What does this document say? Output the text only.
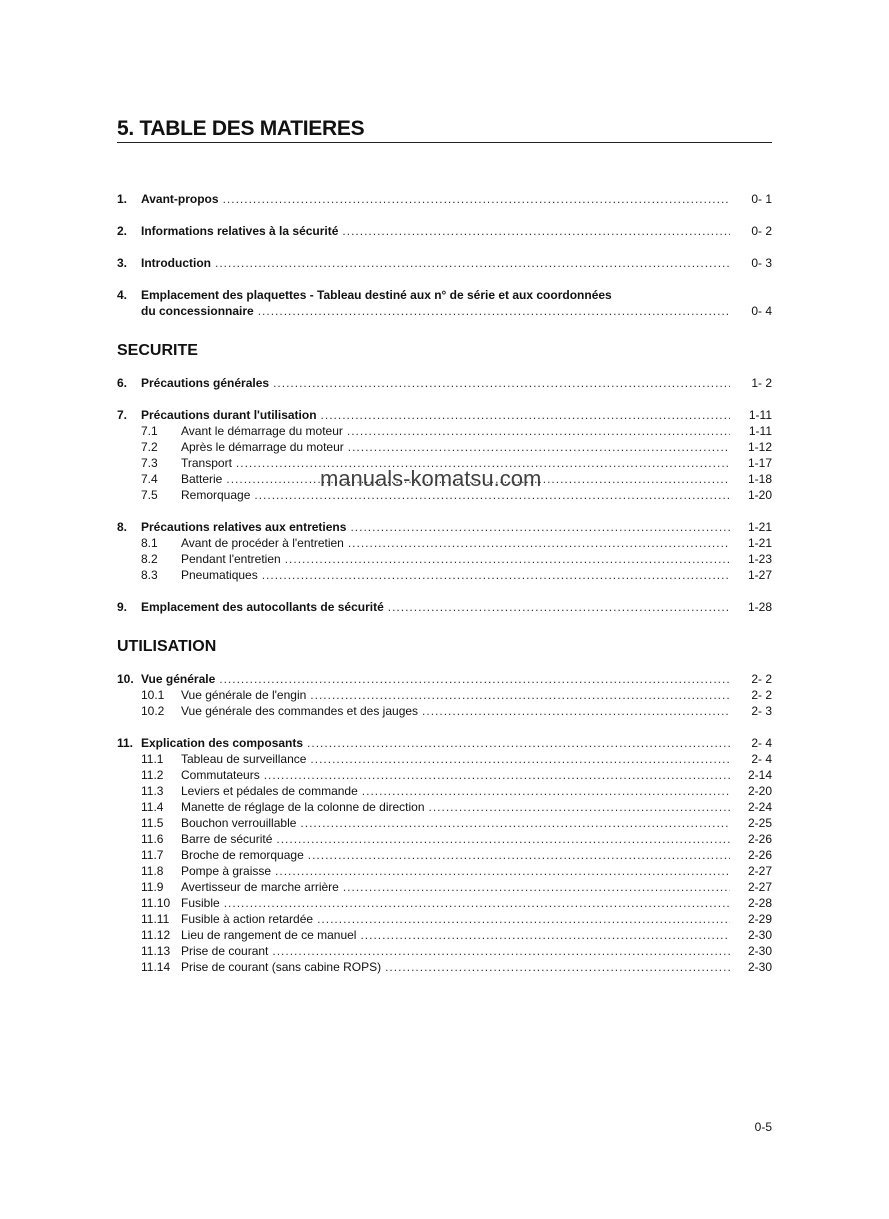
5. TABLE DES MATIERES
1.	Avant-propos .....	0- 1
2.	Informations relatives à la sécurité .....	0- 2
3.	Introduction .....	0- 3
4.	Emplacement des plaquettes - Tableau destiné aux n° de série et aux coordonnées
du concessionnaire .....	0- 4
SECURITE
6.	Précautions générales .....	1- 2
7.	Précautions durant l'utilisation .....	1-11
7.1	Avant le démarrage du moteur .....	1-11
7.2	Après le démarrage du moteur .....	1-12
7.3	Transport .....	1-17
7.4	Batterie .....	1-18
7.5	Remorquage .....	1-20
8.	Précautions relatives aux entretiens .....	1-21
8.1	Avant de procéder à l'entretien .....	1-21
8.2	Pendant l'entretien .....	1-23
8.3	Pneumatiques .....	1-27
9.	Emplacement des autocollants de sécurité .....	1-28
UTILISATION
10. Vue générale .....	2- 2
10.1	Vue générale de l'engin .....	2- 2
10.2	Vue générale des commandes et des jauges .....	2- 3
11. Explication des composants .....	2- 4
11.1	Tableau de surveillance .....	2- 4
11.2	Commutateurs .....	2-14
11.3	Leviers et pédales de commande .....	2-20
11.4	Manette de réglage de la colonne de direction .....	2-24
11.5	Bouchon verrouillable .....	2-25
11.6	Barre de sécurité .....	2-26
11.7	Broche de remorquage .....	2-26
11.8	Pompe à graisse .....	2-27
11.9	Avertisseur de marche arrière .....	2-27
11.10 Fusible .....	2-28
11.11 Fusible à action retardée .....	2-29
11.12 Lieu de rangement de ce manuel .....	2-30
11.13 Prise de courant .....	2-30
11.14 Prise de courant (sans cabine ROPS) .....	2-30
manuals-komatsu.com
0-5
